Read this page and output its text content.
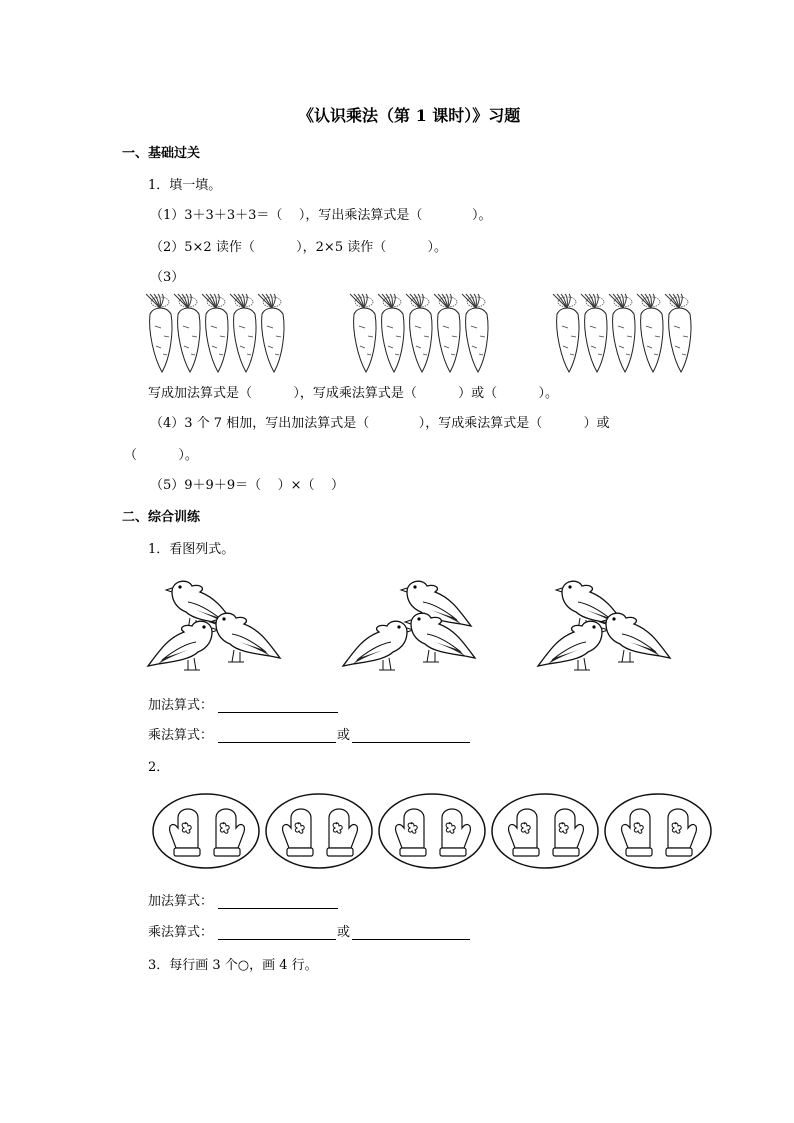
《认识乘法（第 1 课时）》习题
一、基础过关
1．填一填。
（1）3＋3＋3＋3＝（    ），写出乘法算式是（            ）。
（2）5×2 读作（          ），2×5 读作（          ）。
（3）
写成加法算式是（          ），写成乘法算式是（          ）或（          ）。
（4）3 个 7 相加，写出加法算式是（            ），写成乘法算式是（          ）或
（          ）。
（5）9＋9＋9＝（    ）×（    ）
二、综合训练
1．看图列式。
加法算式：
乘法算式：	或
2．
加法算式：
乘法算式：	或
3．每行画 3 个○，画 4 行。
